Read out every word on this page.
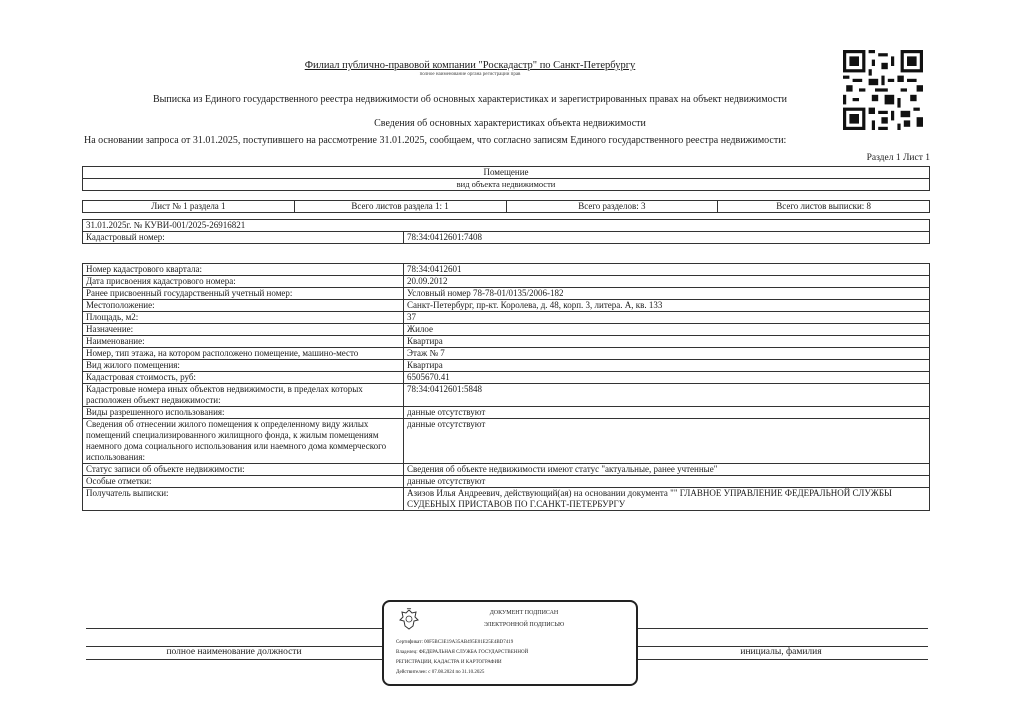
Филиал публично-правовой компании "Роскадастр" по Санкт-Петербургу
полное наименование органа регистрации прав
Выписка из Единого государственного реестра недвижимости об основных характеристиках и зарегистрированных правах на объект недвижимости
Сведения об основных характеристиках объекта недвижимости
На основании запроса от 31.01.2025, поступившего на рассмотрение 31.01.2025, сообщаем, что согласно записям Единого государственного реестра недвижимости:
Раздел 1 Лист 1
Помещение
вид объекта недвижимости
Лист № 1 раздела 1	Всего листов раздела 1: 1	Всего разделов: 3	Всего листов выписки: 8
31.01.2025г. № КУВИ-001/2025-26916821
Кадастровый номер:	78:34:0412601:7408
Номер кадастрового квартала:	78:34:0412601
Дата присвоения кадастрового номера:	20.09.2012
Ранее присвоенный государственный учетный номер:	Условный номер 78-78-01/0135/2006-182
Местоположение:	Санкт-Петербург, пр-кт. Королева, д. 48, корп. 3, литера. А, кв. 133
Площадь, м2:	37
Назначение:	Жилое
Наименование:	Квартира
Номер, тип этажа, на котором расположено помещение, машино-место	Этаж № 7
Вид жилого помещения:	Квартира
Кадастровая стоимость, руб:	6505670.41
Кадастровые номера иных объектов недвижимости, в пределах которых расположен объект недвижимости:	78:34:0412601:5848
Виды разрешенного использования:	данные отсутствуют
Сведения об отнесении жилого помещения к определенному виду жилых помещений специализированного жилищного фонда, к жилым помещениям наемного дома социального использования или наемного дома коммерческого использования:	данные отсутствуют
Статус записи об объекте недвижимости:	Сведения об объекте недвижимости имеют статус "актуальные, ранее учтенные"
Особые отметки:	данные отсутствуют
Получатель выписки:	Азизов Илья Андреевич, действующий(ая) на основании документа "" ГЛАВНОЕ УПРАВЛЕНИЕ ФЕДЕРАЛЬНОЙ СЛУЖБЫ СУДЕБНЫХ ПРИСТАВОВ ПО Г.САНКТ-ПЕТЕРБУРГУ
полное наименование должности	инициалы, фамилия
ДОКУМЕНТ ПОДПИСАН
ЭЛЕКТРОННОЙ ПОДПИСЬЮ
Сертификат: 00F5BC3E19A35AB495E01E25E4BD7419
Владелец: ФЕДЕРАЛЬНАЯ СЛУЖБА ГОСУДАРСТВЕННОЙ
РЕГИСТРАЦИИ, КАДАСТРА И КАРТОГРАФИИ
Действителен: с 07.08.2024 по 31.10.2025
